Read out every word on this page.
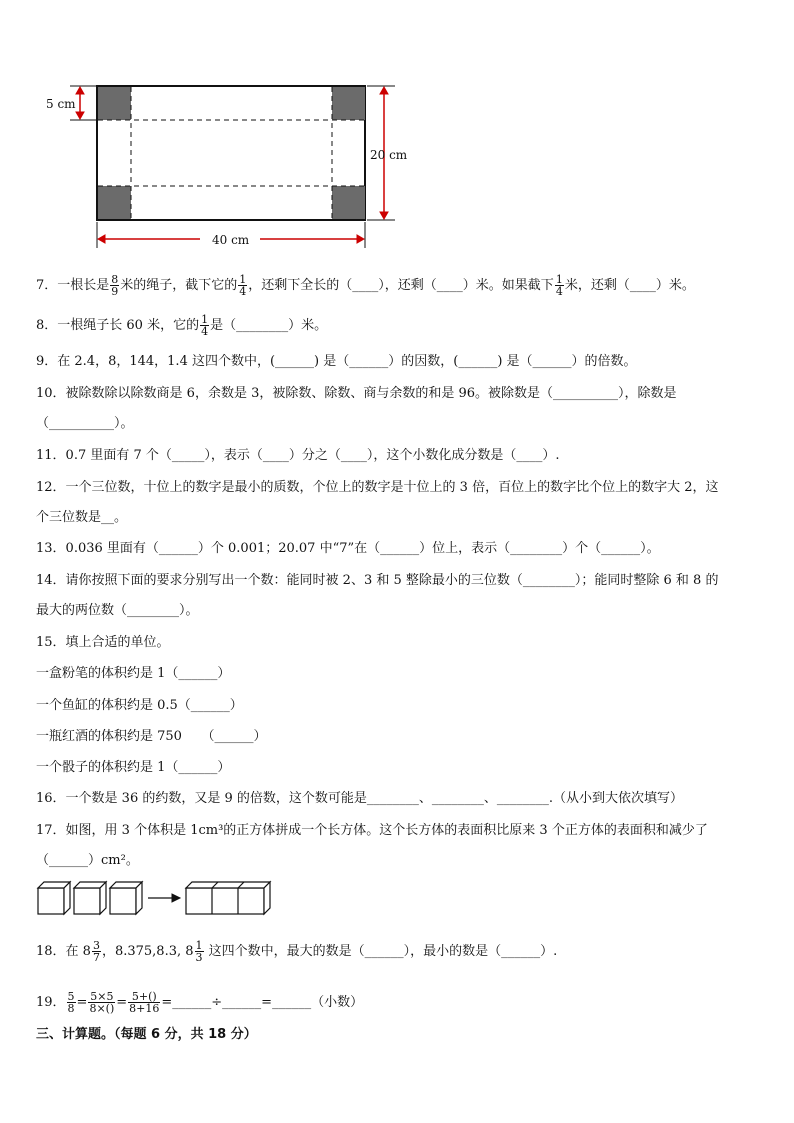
5 cm
20 cm
40 cm
7．一根长是 $\frac{8}{9}$ 米的绳子，截下它的 $\frac{1}{4}$ ，还剩下全长的（____），还剩（____）米。如果截下 $\frac{1}{4}$ 米，还剩（____）米。
8．一根绳子长 60 米，它的 $\frac{1}{4}$ 是（________）米。
9．在 2.4，8，144，1.4 这四个数中，(______) 是（______）的因数，(______) 是（______）的倍数。
10．被除数除以除数商是 6，余数是 3，被除数、除数、商与余数的和是 96。被除数是（__________），除数是
（__________）。
11．0.7 里面有 7 个（_____），表示（____）分之（____），这个小数化成分数是（____）.
12．一个三位数，十位上的数字是最小的质数，个位上的数字是十位上的 3 倍，百位上的数字比个位上的数字大 2，这
个三位数是__。
13．0.036 里面有（______）个 0.001；20.07 中“7”在（______）位上，表示（________）个（______）。
14．请你按照下面的要求分别写出一个数：能同时被 2、3 和 5 整除最小的三位数（________）；能同时整除 6 和 8 的
最大的两位数（________）。
15．填上合适的单位。
一盒粉笔的体积约是 1（______）
一个鱼缸的体积约是 0.5（______）
一瓶红酒的体积约是 750　　（______）
一个骰子的体积约是 1（______）
16．一个数是 36 的约数，又是 9 的倍数，这个数可能是________、________、________.（从小到大依次填写）
17．如图，用 3 个体积是 1cm³的正方体拼成一个长方体。这个长方体的表面积比原来 3 个正方体的表面积和减少了
（______）cm²。
18．在 $8 \frac{3}{7}$ ，8.375,8.3, $8 \frac{1}{3}$ 这四个数中，最大的数是（______），最小的数是（______）.
19． $\frac{5}{8} = \frac{5\times 5}{8\times()} = \frac{5+()}{8+16}$ =______÷______=______（小数）
三、计算题。（每题 6 分，共 18 分）
